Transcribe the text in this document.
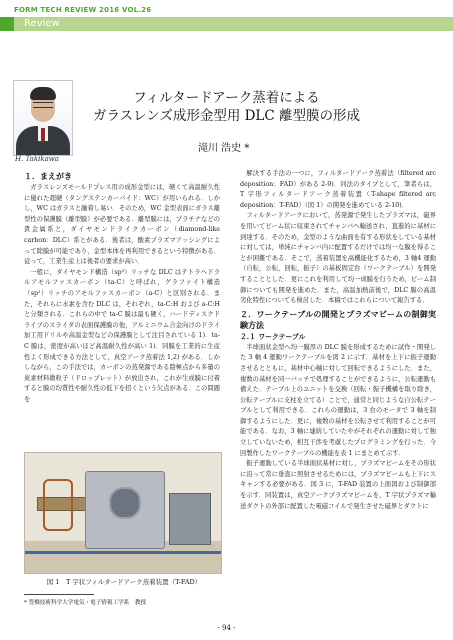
FORM TECH REVIEW 2016 VOL.26
Review
H. Takikawa
フィルタードアーク蒸着による
ガラスレンズ成形金型用 DLC 離型膜の形成
滝川 浩史 *
１．まえがき

ガラスレンズモールドプレス用の成形金型には，硬くて高温耐久性に優れた超硬（タングステンカーバイド：WC）が用いられる．しかし，WC はガラスと融着し易い．そのため，WC 金型表面にガラス離型性の保護膜（離型膜）が必要である．離型膜には，プラチナなどの貴金属系と，ダイヤモンドライクカーボン（diamond-like carbon：DLC）系とがある．後者は，酸素プラズマアッシングによって除膜が可能であり，金型本体を再利用できるという特徴がある．従って，工業生産上は後者の要求が高い．

一般に，ダイヤモンド構造（sp³）リッチな DLC はテトラヘドラルアモルファスカーボン（ta-C）と呼ばれ，グラファイト構造（sp²）リッチのアモルファスカーボン（a-C）と区別される．また，それらに水素を含む DLC は，それぞれ，ta-C:H および a-C:H と分類される．これらの中で ta-C 膜は最も硬く，ハードディスクドライブのスライダの表面保護膜の他，アルミニウム合金向けのドライ加工用ドリルや高温金型などの保護膜として注目されている 1)．ta-C 膜は，密度が高いほど高温耐久性が高い 1)．同膜を工業的に生産性よく形成できる方法として，真空アーク蒸着法 1,2) がある．しかしながら，この手法では，カーボンの蒸発源である陰極点から多量の炭素材料微粒子（ドロップレット）が放出され，これが生成膜に付着すると膜の均質性や耐久性の低下を招くという欠点がある．この問題を

解決する手法の一つに，フィルタードアーク蒸着法（filtered arc deposition：FAD）がある 2-9)．同法のタイプとして，筆者らは，T 字形フィルタードアーク蒸着装置（T-shape filtered arc deposition：T-FAD）（図 1）の開発を進めている 2-10)．

フィルタードアークにおいて，蒸発源で発生したプラズマは，磁界を用いてビーム状に収束されてチャンバへ輸送され，直進的に基材に到達する．そのため，金型のような曲面を有する形状をしている基材に対しては，単純にチャンバ内に配置するだけでは均一な膜を得ることが困難である．そこで，蒸着装置を高機能化するため，3 軸4 運動（自転，公転，回転，振子）の基板固定台（ワークテーブル）を開発することとした．更にこれを利用して均一成膜を行うため，ビーム制御についても開発を進めた．また，高温加熱前後で，DLC 膜の高温劣化特性についても検討した．本稿ではこれらについて報告する．

２．ワークテーブルの開発とプラズマビームの制御実験方法
２.１ ワークテーブル

半球面状金型へ均一膜厚の DLC 膜を形成するために試作・開発した 3 軸 4 運動ワークテーブルを図 2 に示す．基材を上下に振子運動させるとともに，基材中心軸に対して回転できるようにした．また，複数の基材を同一バッチで処理することができるように，公転運動も備えた．テーブル上のユニットを交換（回転・振子機構を取り除き，公転テーブルに支柱を立てる）ことで，通常と同じような自公転テーブルとして利用できる．これらの運動は，3 台のモータで 3 軸を制御するようにした．更に，複数の基材を公転させて利用することが可能である．なお，3 軸に連続していたやがそれぞれの運動に対して独立していないため，相互干渉を考慮したプログラミングを行った．今回製作したワークテーブルの機能を表 1 にまとめて示す．

振子運動している半球面状基材に対し，プラズマビームをその形状に沿って常に垂直に照射させるためには，プラズマビームも上下にスキャンする必要がある．図 3 に，T-FAD 装置の上面図および制御部を示す．同装置は，真空アークプラズマビームを，T 字状プラズマ輸送ダクトの外部に配置した電磁コイルで発生させた磁界とダクトに

図 1　T 字状フィルタードアーク蒸着装置（T-FAD）
* 豊橋技術科学大学電気・電子情報工学系　教授
- 94 -
